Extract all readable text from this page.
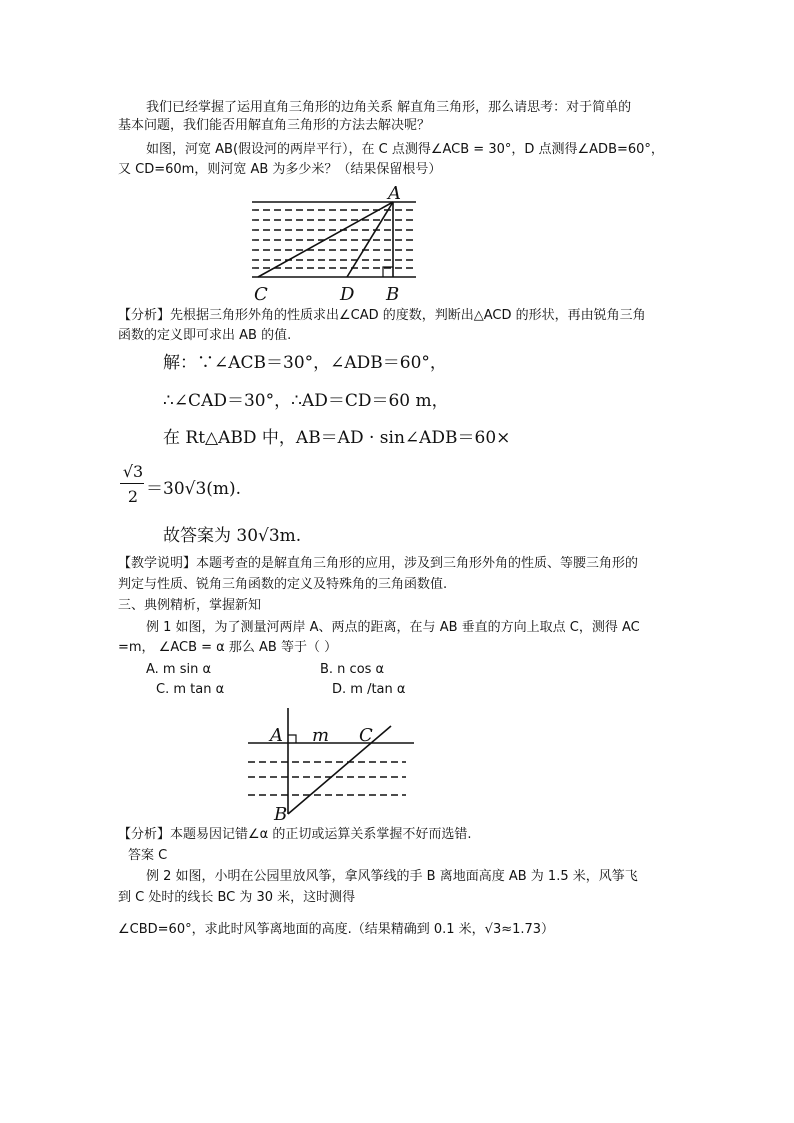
我们已经掌握了运用直角三角形的边角关系 解直角三角形，那么请思考：对于简单的
基本问题，我们能否用解直角三角形的方法去解决呢？
如图，河宽 AB(假设河的两岸平行），在 C 点测得∠ACB = 30°，D 点测得∠ADB=60°，
又 CD=60m，则河宽 AB 为多少米？（结果保留根号）
A
C	D B
【分析】先根据三角形外角的性质求出∠CAD 的度数，判断出△ACD 的形状，再由锐角三角
函数的定义即可求出 AB 的值.
解：∵∠ACB＝30°，∠ADB＝60°，
∴∠CAD＝30°，∴AD＝CD＝60 m，
在 Rt△ABD 中，AB＝AD · sin∠ADB＝60×
√3
2 ＝30√3(m).
故答案为 30√3m.
【教学说明】本题考查的是解直角三角形的应用，涉及到三角形外角的性质、等腰三角形的
判定与性质、锐角三角函数的定义及特殊角的三角函数值.
三、典例精析，掌握新知
例 1 如图，为了测量河两岸 A、两点的距离，在与 AB 垂直的方向上取点 C，测得 AC
=m， ∠ACB = α 那么 AB 等于（ ）
A. m sin α	B. n cos α
C. m tan α	D. m /tan α
A m C
B
【分析】本题易因记错∠α 的正切或运算关系掌握不好而选错.
答案 C
例 2 如图，小明在公园里放风筝，拿风筝线的手 B 离地面高度 AB 为 1.5 米，风筝飞
到 C 处时的线长 BC 为 30 米，这时测得
∠CBD=60°，求此时风筝离地面的高度.（结果精确到 0.1 米，√3≈1.73）
